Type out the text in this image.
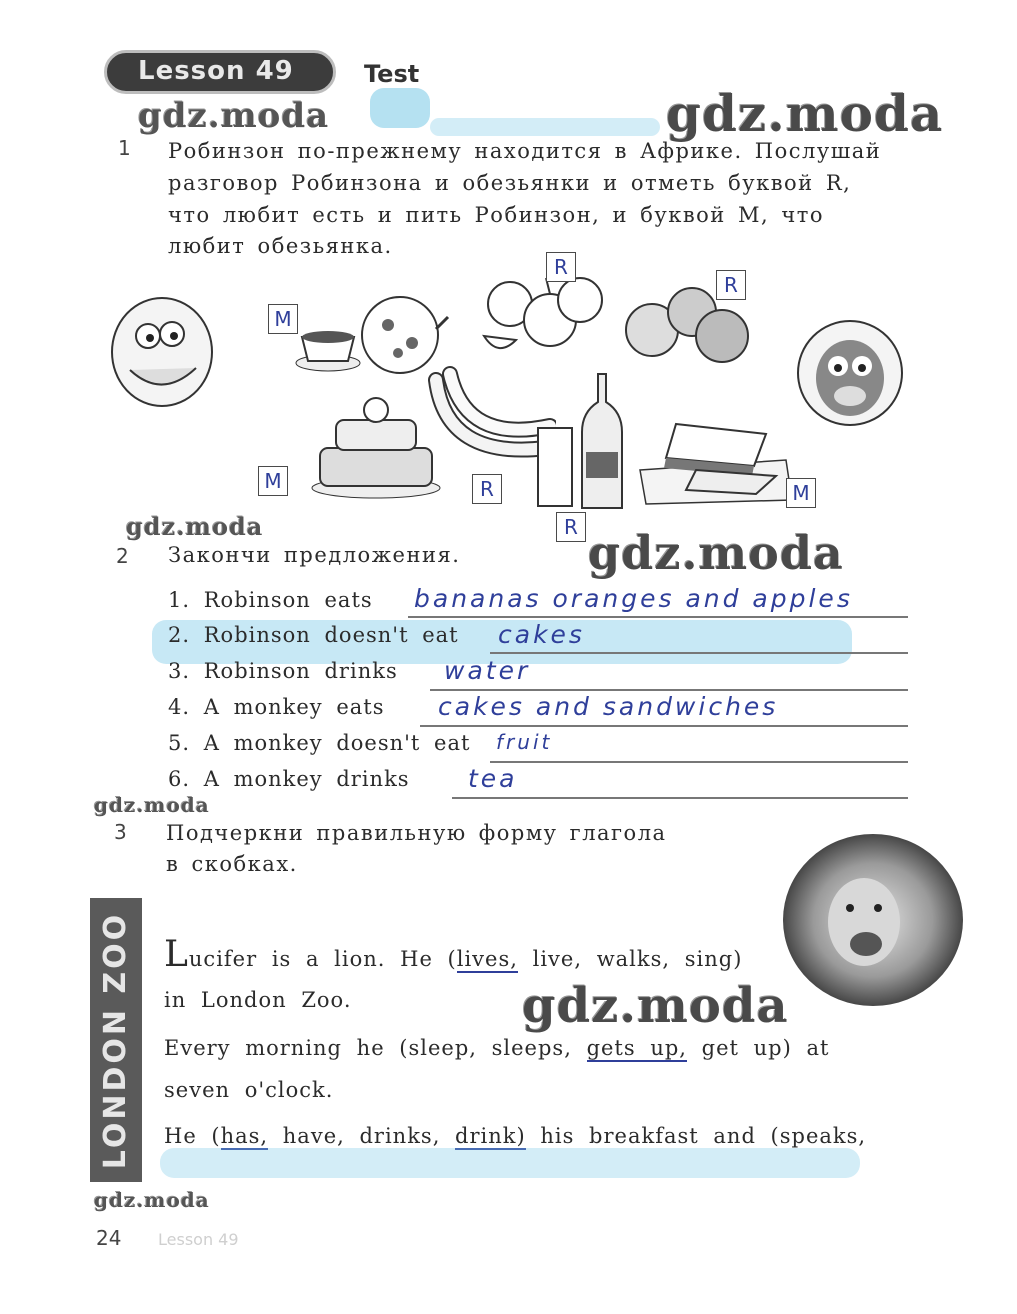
Lesson 49	Test
gdz.moda	gdz.moda
gdz.moda	gdz.moda
gdz.moda
gdz.moda
gdz.moda
1 Робинзон по-прежнему находится в Африке. Послушай
разговор Робинзона и обезьянки и отметь буквой R,
что любит есть и пить Робинзон, и буквой M, что
любит обезьянка.
M
R
R
M	R
R
M
2 Закончи предложения.
1. Robinson eats bananas oranges and apples
2. Robinson doesn't eat cakes
3. Robinson drinks water
4. A monkey eats cakes and sandwiches
5. A monkey doesn't eat fruit
6. A monkey drinks tea
3 Подчеркни правильную форму глагола
в скобках.
LONDON ZOO Lucifer is a lion. He (lives, live, walks, sing)
in London Zoo.
Every morning he (sleep, sleeps, gets up, get up) at
seven o'clock.
He (has, have, drinks, drink) his breakfast and (speaks,
24 Lesson 49
